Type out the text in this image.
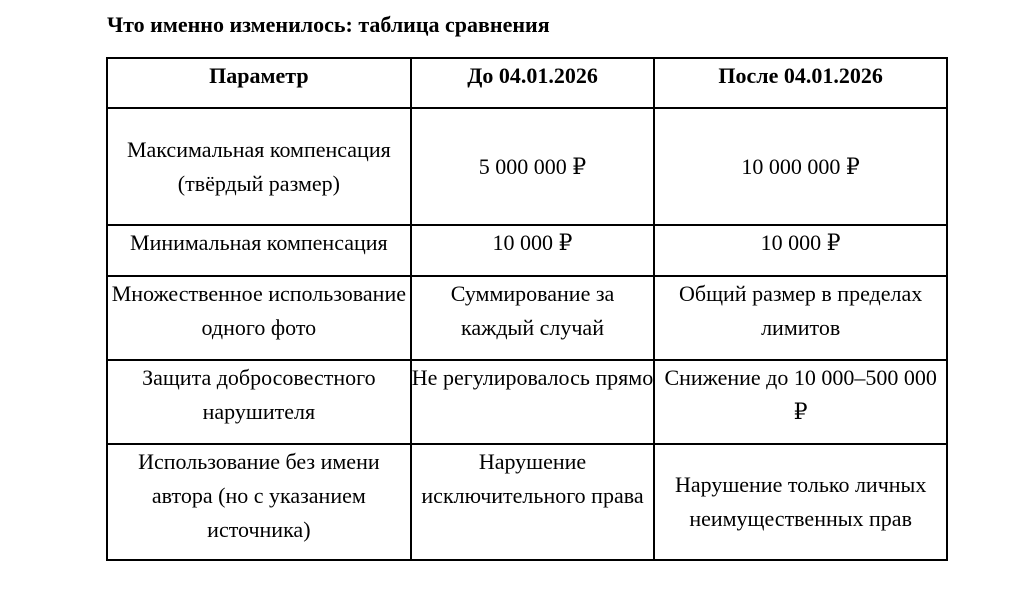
Что именно изменилось: таблица сравнения
Параметр	До 04.01.2026	После 04.01.2026

Максимальная компенсация (твёрдый размер)	5 000 000 ₽	10 000 000 ₽

Минимальная компенсация	10 000 ₽	10 000 ₽

Множественное использование одного фото	Суммирование за каждый случай	Общий размер в пределах лимитов

Защита добросовестного нарушителя	Не регулировалось прямо	Снижение до 10 000–500 000 ₽

Использование без имени автора (но с указанием источника)	Нарушение исключительного права	Нарушение только личных неимущественных прав
